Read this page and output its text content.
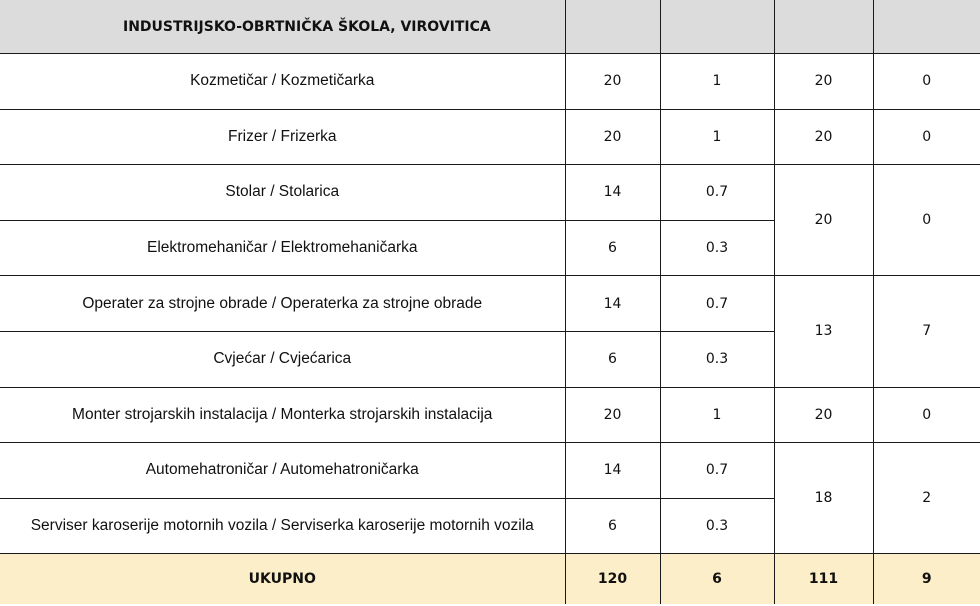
INDUSTRIJSKO-OBRTNIČKA ŠKOLA, VIROVITICA				
Kozmetičar / Kozmetičarka	20	1	20	0
Frizer / Frizerka	20	1	20	0
Stolar / Stolarica	14	0.7	20	0
Elektromehaničar / Elektromehaničarka	6	0.3		
Operater za strojne obrade / Operaterka za strojne obrade	14	0.7	13	7
Cvjećar / Cvjećarica	6	0.3		
Monter strojarskih instalacija / Monterka strojarskih instalacija	20	1	20	0
Automehatroničar / Automehatroničarka	14	0.7	18	2
Serviser karoserije motornih vozila / Serviserka karoserije motornih vozila	6	0.3		
UKUPNO	120	6	111	9
